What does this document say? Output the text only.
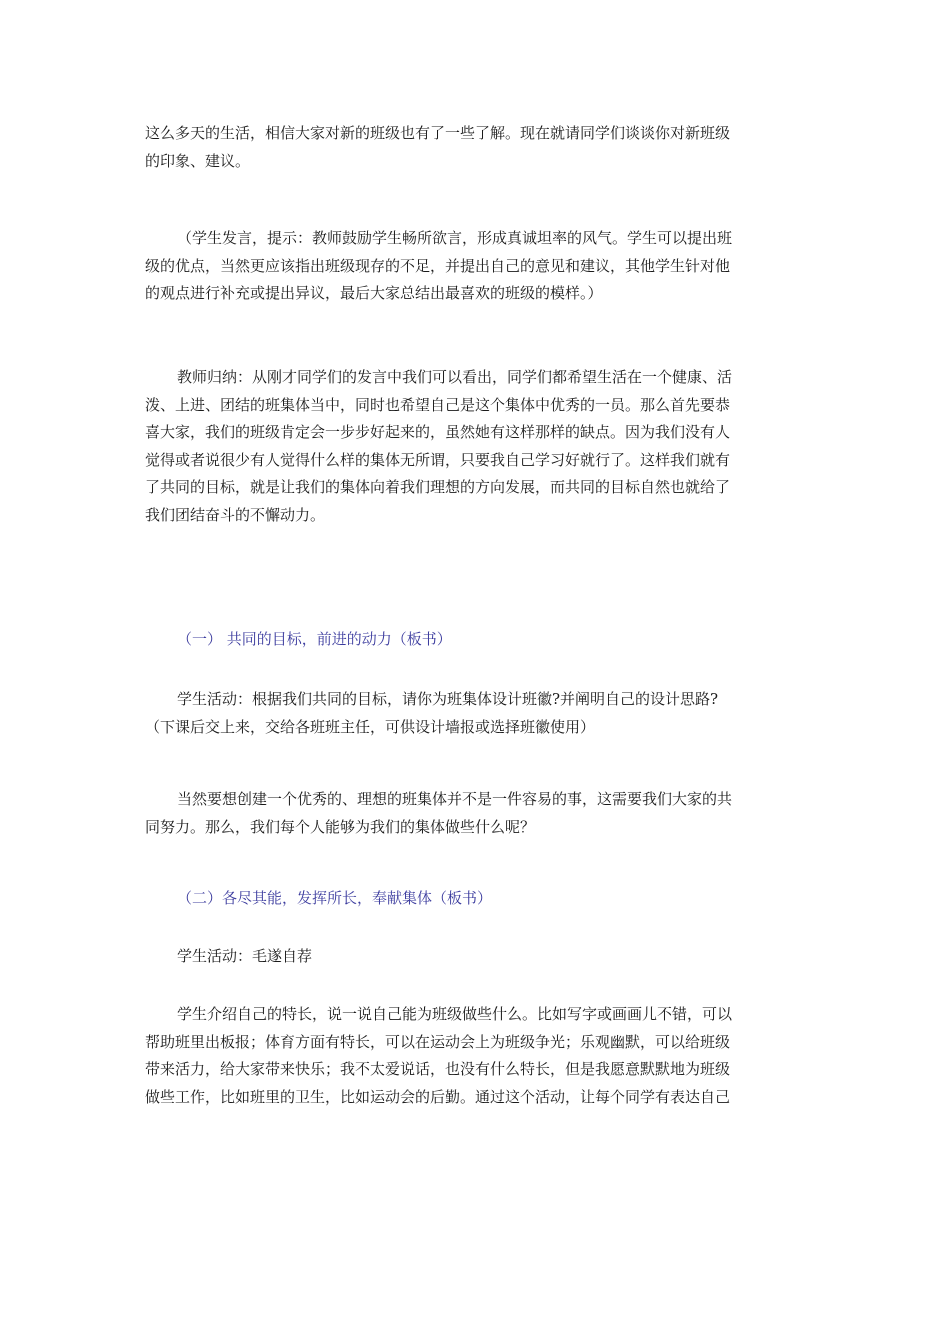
这么多天的生活，相信大家对新的班级也有了一些了解。现在就请同学们谈谈你对新班级
的印象、建议。

（学生发言，提示：教师鼓励学生畅所欲言，形成真诚坦率的风气。学生可以提出班
级的优点，当然更应该指出班级现存的不足，并提出自己的意见和建议，其他学生针对他
的观点进行补充或提出异议，最后大家总结出最喜欢的班级的模样。）

教师归纳：从刚才同学们的发言中我们可以看出，同学们都希望生活在一个健康、活
泼、上进、团结的班集体当中，同时也希望自己是这个集体中优秀的一员。那么首先要恭
喜大家，我们的班级肯定会一步步好起来的，虽然她有这样那样的缺点。因为我们没有人
觉得或者说很少有人觉得什么样的集体无所谓，只要我自己学习好就行了。这样我们就有
了共同的目标，就是让我们的集体向着我们理想的方向发展，而共同的目标自然也就给了
我们团结奋斗的不懈动力。

（一） 共同的目标，前进的动力（板书）

学生活动：根据我们共同的目标，请你为班集体设计班徽?并阐明自己的设计思路?
（下课后交上来，交给各班班主任，可供设计墙报或选择班徽使用）

当然要想创建一个优秀的、理想的班集体并不是一件容易的事，这需要我们大家的共
同努力。那么，我们每个人能够为我们的集体做些什么呢？

（二）各尽其能，发挥所长，奉献集体（板书）

学生活动：毛遂自荐

学生介绍自己的特长，说一说自己能为班级做些什么。比如写字或画画儿不错，可以
帮助班里出板报；体育方面有特长，可以在运动会上为班级争光；乐观幽默，可以给班级
带来活力，给大家带来快乐；我不太爱说话，也没有什么特长，但是我愿意默默地为班级
做些工作，比如班里的卫生，比如运动会的后勤。通过这个活动，让每个同学有表达自己
